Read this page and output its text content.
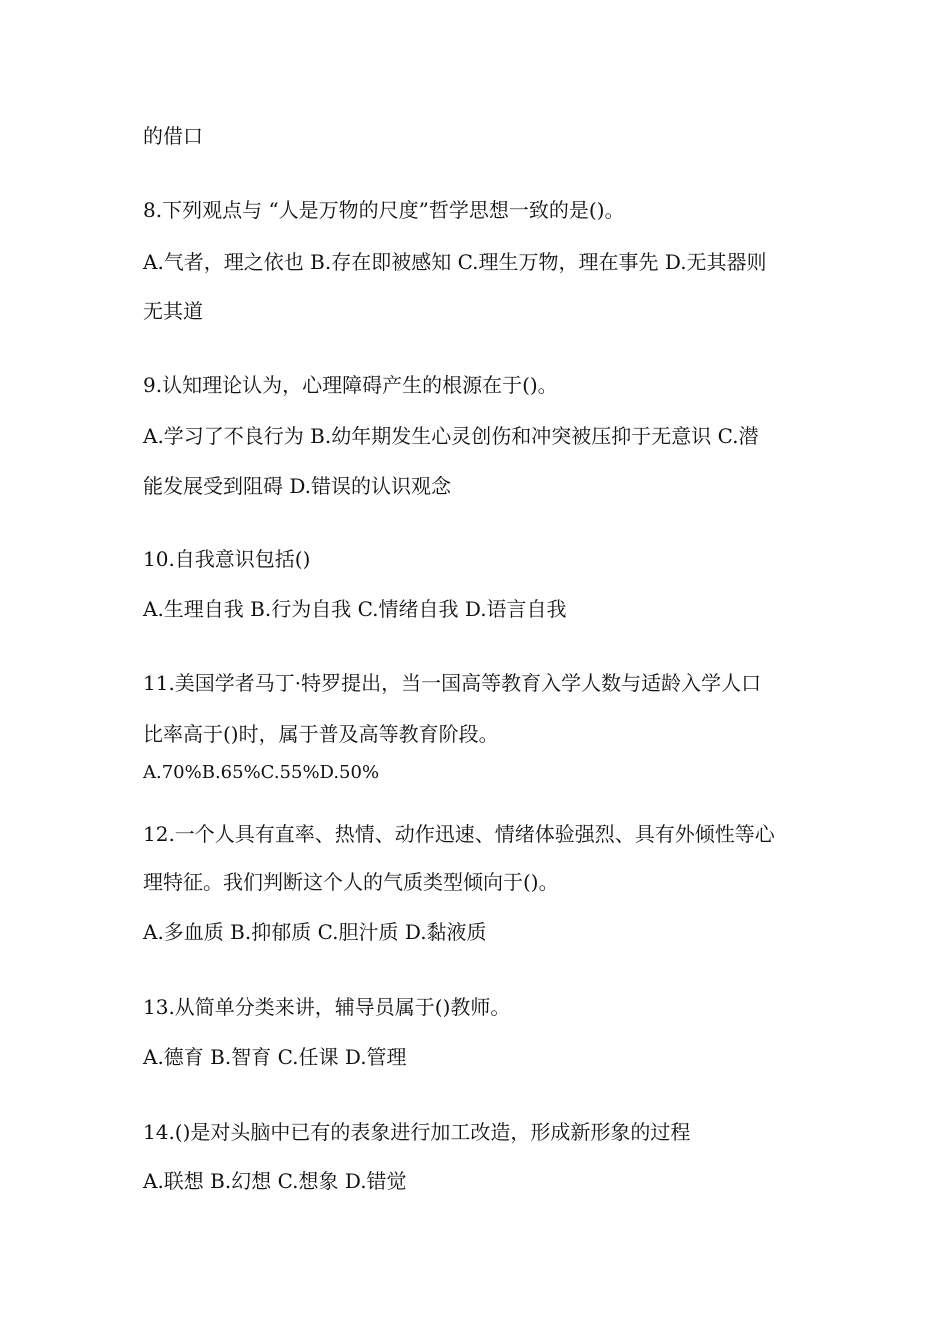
的借口

8.下列观点与 “人是万物的尺度”哲学思想一致的是()。

A.气者，理之依也 B.存在即被感知 C.理生万物，理在事先 D.无其器则

无其道

9.认知理论认为，心理障碍产生的根源在于()。

A.学习了不良行为 B.幼年期发生心灵创伤和冲突被压抑于无意识 C.潜

能发展受到阻碍 D.错误的认识观念

10.自我意识包括()

A.生理自我 B.行为自我 C.情绪自我 D.语言自我

11.美国学者马丁·特罗提出，当一国高等教育入学人数与适龄入学人口

比率高于()时，属于普及高等教育阶段。

A.70%B.65%C.55%D.50%

12.一个人具有直率、热情、动作迅速、情绪体验强烈、具有外倾性等心

理特征。我们判断这个人的气质类型倾向于()。

A.多血质 B.抑郁质 C.胆汁质 D.黏液质

13.从简单分类来讲，辅导员属于()教师。

A.德育 B.智育 C.任课 D.管理

14.()是对头脑中已有的表象进行加工改造，形成新形象的过程

A.联想 B.幻想 C.想象 D.错觉
